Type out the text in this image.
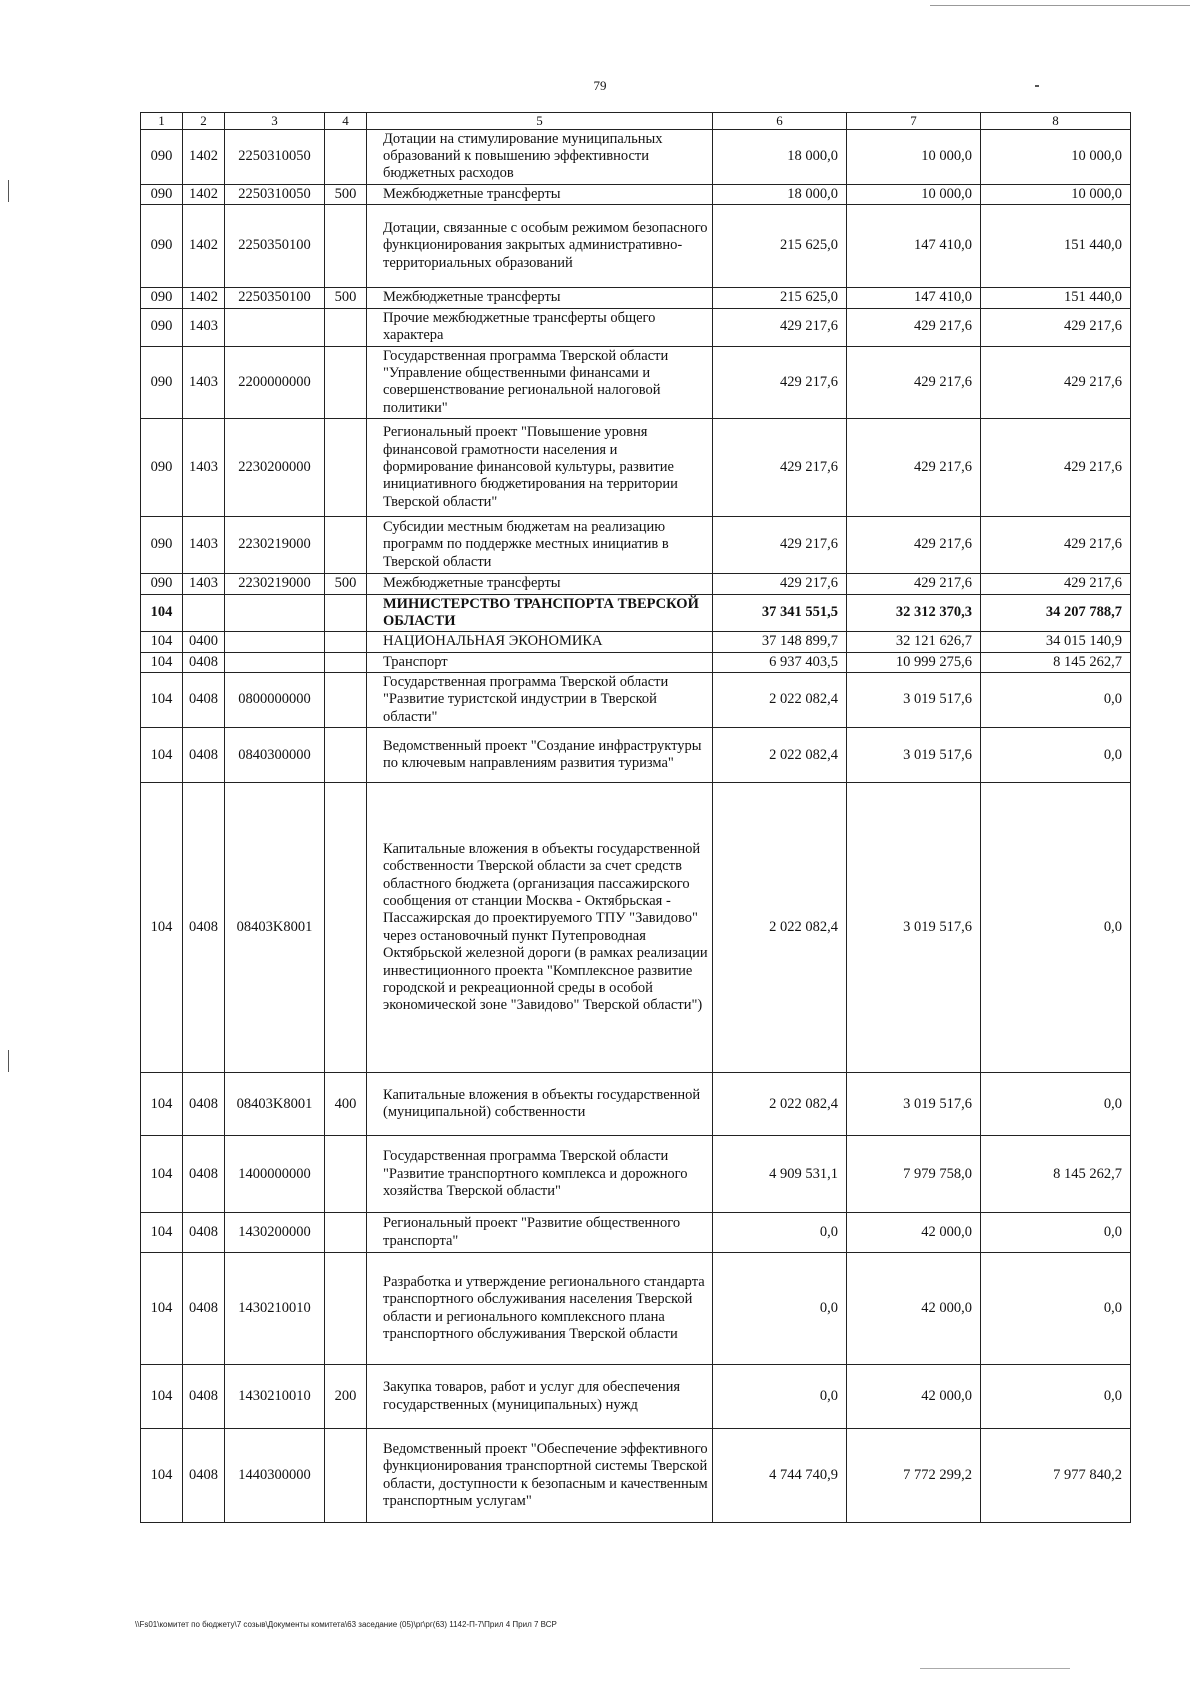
79
1	2	3	4	5	6	7	8
090	1402	2250310050		Дотации на стимулирование муниципальных образований к повышению эффективности бюджетных расходов	18 000,0	10 000,0	10 000,0
090	1402	2250310050	500	Межбюджетные трансферты	18 000,0	10 000,0	10 000,0
090	1402	2250350100		Дотации, связанные с особым режимом безопасного функционирования закрытых административно-территориальных образований	215 625,0	147 410,0	151 440,0
090	1402	2250350100	500	Межбюджетные трансферты	215 625,0	147 410,0	151 440,0
090	1403			Прочие межбюджетные трансферты общего характера	429 217,6	429 217,6	429 217,6
090	1403	2200000000		Государственная программа Тверской области "Управление общественными финансами и совершенствование региональной налоговой политики"	429 217,6	429 217,6	429 217,6
090	1403	2230200000		Региональный проект "Повышение уровня финансовой грамотности населения и формирование финансовой культуры, развитие инициативного бюджетирования на территории Тверской области"	429 217,6	429 217,6	429 217,6
090	1403	2230219000		Субсидии местным бюджетам на реализацию программ по поддержке местных инициатив в Тверской области	429 217,6	429 217,6	429 217,6
090	1403	2230219000	500	Межбюджетные трансферты	429 217,6	429 217,6	429 217,6
104				МИНИСТЕРСТВО ТРАНСПОРТА ТВЕРСКОЙ ОБЛАСТИ	37 341 551,5	32 312 370,3	34 207 788,7
104	0400			НАЦИОНАЛЬНАЯ ЭКОНОМИКА	37 148 899,7	32 121 626,7	34 015 140,9
104	0408			Транспорт	6 937 403,5	10 999 275,6	8 145 262,7
104	0408	0800000000		Государственная программа Тверской области "Развитие туристской индустрии в Тверской области"	2 022 082,4	3 019 517,6	0,0
104	0408	0840300000		Ведомственный проект "Создание инфраструктуры по ключевым направлениям развития туризма"	2 022 082,4	3 019 517,6	0,0
104	0408	08403K8001		Капитальные вложения в объекты государственной собственности Тверской области за счет средств областного бюджета (организация пассажирского сообщения от станции Москва - Октябрьская - Пассажирская до проектируемого ТПУ "Завидово" через остановочный пункт Путепроводная Октябрьской железной дороги (в рамках реализации инвестиционного проекта "Комплексное развитие городской и рекреационной среды в особой экономической зоне "Завидово" Тверской области")	2 022 082,4	3 019 517,6	0,0
104	0408	08403K8001	400	Капитальные вложения в объекты государственной (муниципальной) собственности	2 022 082,4	3 019 517,6	0,0
104	0408	1400000000		Государственная программа Тверской области "Развитие транспортного комплекса и дорожного хозяйства Тверской области"	4 909 531,1	7 979 758,0	8 145 262,7
104	0408	1430200000		Региональный проект "Развитие общественного транспорта"	0,0	42 000,0	0,0
104	0408	1430210010		Разработка и утверждение регионального стандарта транспортного обслуживания населения Тверской области и регионального комплексного плана транспортного обслуживания Тверской области	0,0	42 000,0	0,0
104	0408	1430210010	200	Закупка товаров, работ и услуг для обеспечения государственных (муниципальных) нужд	0,0	42 000,0	0,0
104	0408	1440300000		Ведомственный проект "Обеспечение эффективного функционирования транспортной системы Тверской области, доступности к безопасным и качественным транспортным услугам"	4 744 740,9	7 772 299,2	7 977 840,2
\\Fs01\комитет по бюджету\7 созыв\Документы комитета\63 заседание (05)\рг\рг(63) 1142-П-7\Прил 4 Прил 7 ВСР
